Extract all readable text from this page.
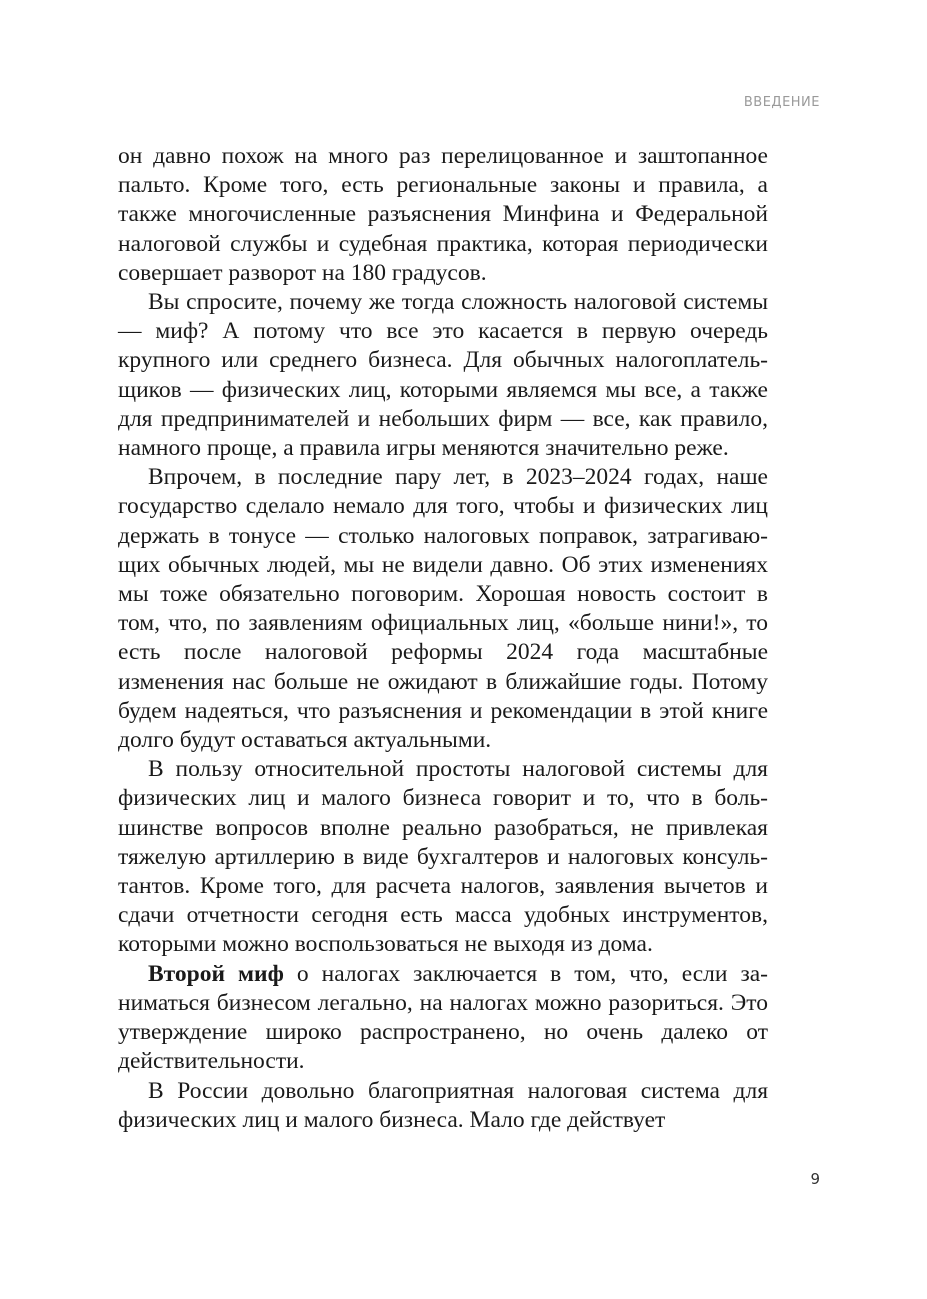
ВВЕДЕНИЕ

он давно похож на много раз перелицованное и заштопанное пальто. Кроме того, есть региональные законы и правила, а также многочисленные разъяснения Минфина и Федеральной налоговой службы и судебная практика, которая периодически совершает разворот на 180 градусов.

Вы спросите, почему же тогда сложность налоговой системы — миф? А потому что все это касается в первую очередь крупного или среднего бизнеса. Для обычных налогоплательщиков — физических лиц, которыми являемся мы все, а также для предпринимателей и небольших фирм — все, как правило, намного проще, а правила игры меняются значительно реже.

Впрочем, в последние пару лет, в 2023–2024 годах, наше государство сделало немало для того, чтобы и физических лиц держать в тонусе — столько налоговых поправок, затрагивающих обычных людей, мы не видели давно. Об этих изменениях мы тоже обязательно поговорим. Хорошая новость состоит в том, что, по заявлениям официальных лиц, «больше нини!», то есть после налоговой реформы 2024 года масштабные изменения нас больше не ожидают в ближайшие годы. Потому будем надеяться, что разъяснения и рекомендации в этой книге долго будут оставаться актуальными.

В пользу относительной простоты налоговой системы для физических лиц и малого бизнеса говорит и то, что в большинстве вопросов вполне реально разобраться, не привлекая тяжелую артиллерию в виде бухгалтеров и налоговых консультантов. Кроме того, для расчета налогов, заявления вычетов и сдачи отчетности сегодня есть масса удобных инструментов, которыми можно воспользоваться не выходя из дома.

Второй миф о налогах заключается в том, что, если заниматься бизнесом легально, на налогах можно разориться. Это утверждение широко распространено, но очень далеко от действительности.

В России довольно благоприятная налоговая система для физических лиц и малого бизнеса. Мало где действует

9
